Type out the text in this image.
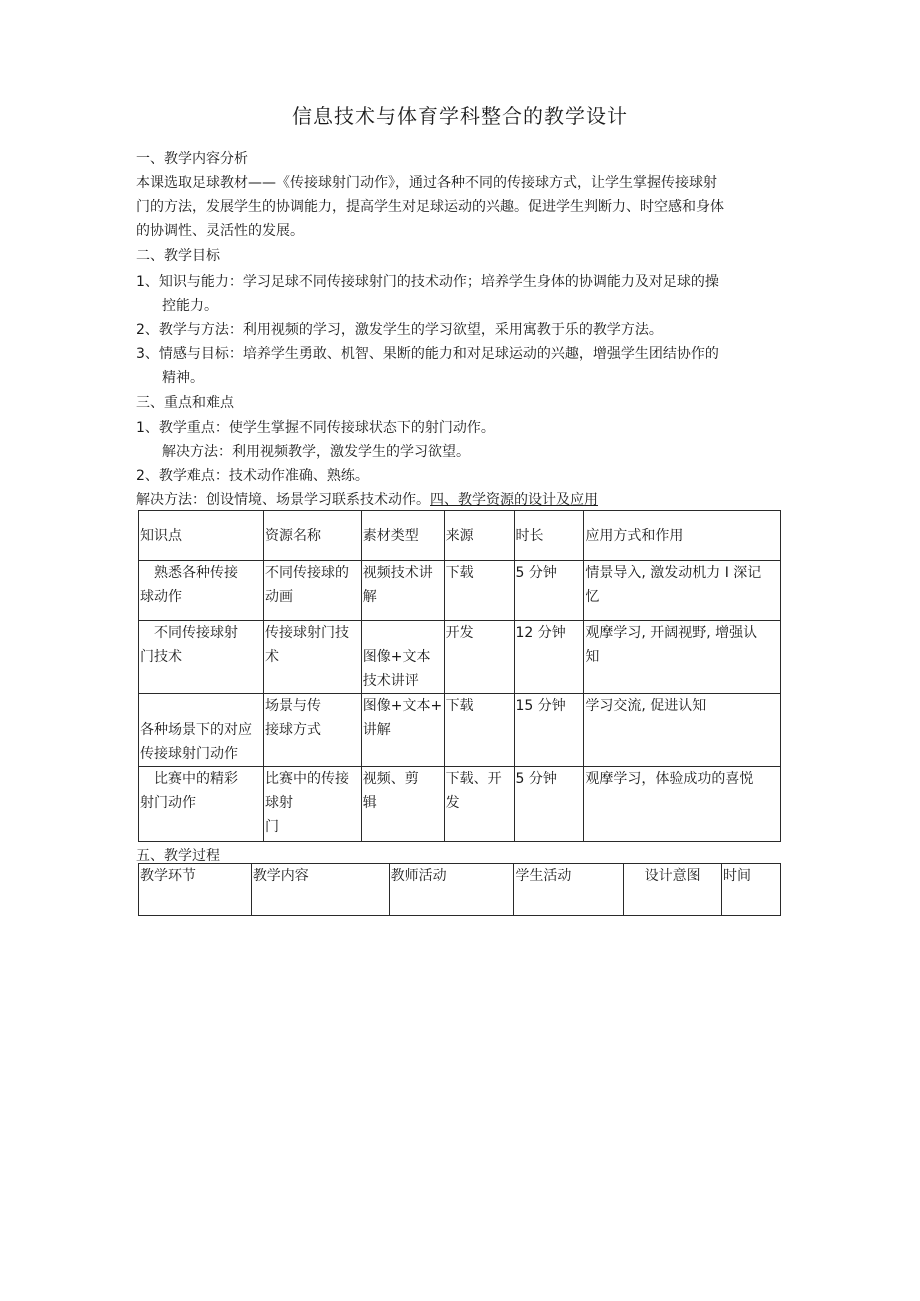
信息技术与体育学科整合的教学设计
一、教学内容分析
本课选取足球教材——《传接球射门动作》，通过各种不同的传接球方式，让学生掌握传接球射
门的方法，发展学生的协调能力，提高学生对足球运动的兴趣。促进学生判断力、时空感和身体
的协调性、灵活性的发展。
二、教学目标
1、知识与能力：学习足球不同传接球射门的技术动作；培养学生身体的协调能力及对足球的操
控能力。
2、教学与方法：利用视频的学习，激发学生的学习欲望，采用寓教于乐的教学方法。
3、情感与目标：培养学生勇敢、机智、果断的能力和对足球运动的兴趣，增强学生团结协作的
精神。
三、重点和难点
1、教学重点：使学生掌握不同传接球状态下的射门动作。
解决方法：利用视频教学，激发学生的学习欲望。
2、教学难点：技术动作准确、熟练。
解决方法：创设情境、场景学习联系技术动作。四、教学资源的设计及应用
知识点	资源名称	素材类型	来源	时长	应用方式和作用

　熟悉各种传接
球动作	不同传接球的
动画	视频技术讲
解	下载	5 分钟	情景导入, 激发动机力 I 深记
忆

　不同传接球射
门技术	传接球射门技
术	图像+文本
技术讲评	开发	12 分钟	观摩学习, 开阔视野, 增强认
知

各种场景下的对应
传接球射门动作	场景与传
接球方式	图像+文本+
讲解	下载	15 分钟	学习交流, 促进认知

　比赛中的精彩
射门动作	比赛中的传接
球射
门	视频、剪
辑	下载、开
发	5 分钟	观摩学习，体验成功的喜悦
五、教学过程
教学环节	教学内容	教师活动	学生活动	设计意图	时间
